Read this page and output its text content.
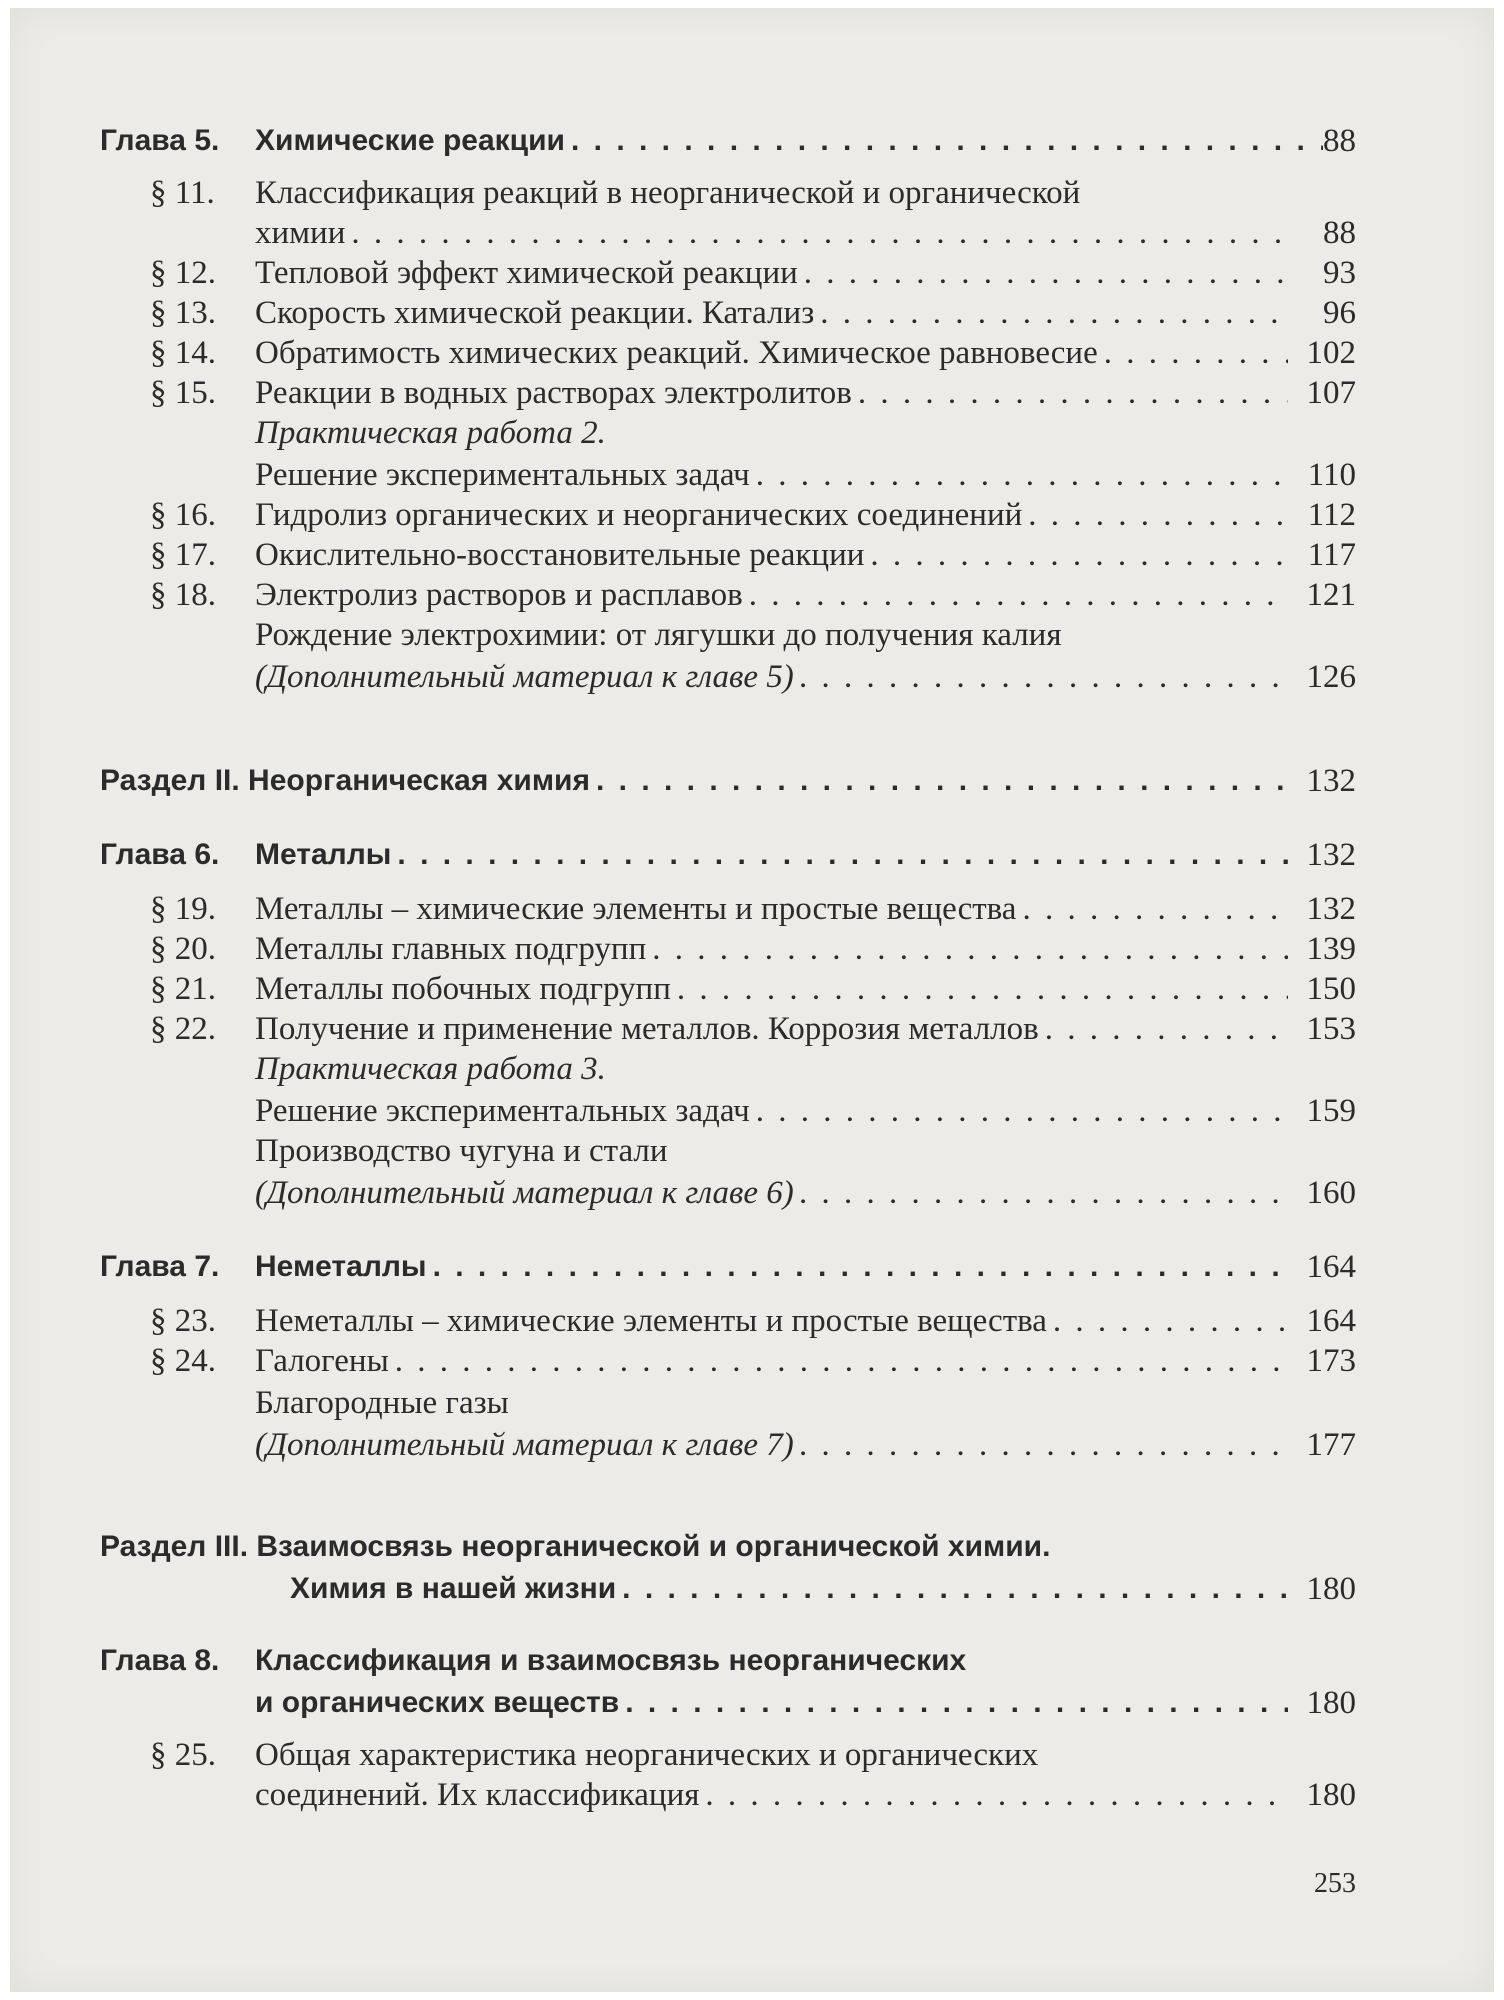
Глава 5. Химические реакции . . .	88
§ 11. Классификация реакций в неорганической и органической
химии . . .	88
§ 12. Тепловой эффект химической реакции . . .	93
§ 13. Скорость химической реакции. Катализ . . .	96
§ 14. Обратимость химических реакций. Химическое равновесие . . .	102
§ 15. Реакции в водных растворах электролитов . . .	107
Практическая работа 2.
Решение экспериментальных задач . . .	110
§ 16. Гидролиз органических и неорганических соединений . . .	112
§ 17. Окислительно-восстановительные реакции . . .	117
§ 18. Электролиз растворов и расплавов . . .	121
Рождение электрохимии: от лягушки до получения калия
(Дополнительный материал к главе 5) . . .	126
Раздел II. Неорганическая химия . . .	132
Глава 6. Металлы . . .	132
§ 19. Металлы – химические элементы и простые вещества . . .	132
§ 20. Металлы главных подгрупп . . .	139
§ 21. Металлы побочных подгрупп . . .	150
§ 22. Получение и применение металлов. Коррозия металлов . . .	153
Практическая работа 3.
Решение экспериментальных задач . . .	159
Производство чугуна и стали
(Дополнительный материал к главе 6) . . .	160
Глава 7. Неметаллы . . .	164
§ 23. Неметаллы – химические элементы и простые вещества . . .	164
§ 24. Галогены . . .	173
Благородные газы
(Дополнительный материал к главе 7) . . .	177
Раздел III. Взаимосвязь неорганической и органической химии.
Химия в нашей жизни . . .	180
Глава 8. Классификация и взаимосвязь неорганических
и органических веществ . . .	180
§ 25. Общая характеристика неорганических и органических
соединений. Их классификация . . .	180
253
